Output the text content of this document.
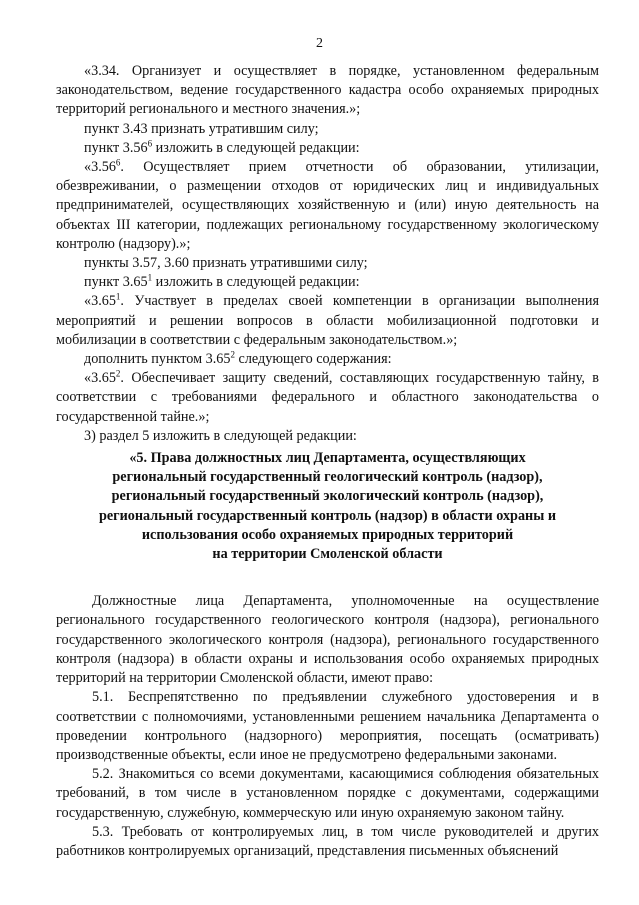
2

«3.34. Организует и осуществляет в порядке, установленном федеральным законодательством, ведение государственного кадастра особо охраняемых природных территорий регионального и местного значения.»;

пункт 3.43 признать утратившим силу;

пункт 3.56$^6$ изложить в следующей редакции:

«3.56$^6$. Осуществляет прием отчетности об образовании, утилизации, обезвреживании, о размещении отходов от юридических лиц и индивидуальных предпринимателей, осуществляющих хозяйственную и (или) иную деятельность на объектах III категории, подлежащих региональному государственному экологическому контролю (надзору).»;

пункты 3.57, 3.60 признать утратившими силу;

пункт 3.65$^1$ изложить в следующей редакции:

«3.65$^1$. Участвует в пределах своей компетенции в организации выполнения мероприятий и решении вопросов в области мобилизационной подготовки и мобилизации в соответствии с федеральным законодательством.»;

дополнить пунктом 3.65$^2$ следующего содержания:

«3.65$^2$. Обеспечивает защиту сведений, составляющих государственную тайну, в соответствии с требованиями федерального и областного законодательства о государственной тайне.»;

3) раздел 5 изложить в следующей редакции:

«5. Права должностных лиц Департамента, осуществляющих
региональный государственный геологический контроль (надзор),
региональный государственный экологический контроль (надзор),
региональный государственный контроль (надзор) в области охраны и
использования особо охраняемых природных территорий
на территории Смоленской области

Должностные лица Департамента, уполномоченные на осуществление регионального государственного геологического контроля (надзора), регионального государственного экологического контроля (надзора), регионального государственного контроля (надзора) в области охраны и использования особо охраняемых природных территорий на территории Смоленской области, имеют право:

5.1. Беспрепятственно по предъявлении служебного удостоверения и в соответствии с полномочиями, установленными решением начальника Департамента о проведении контрольного (надзорного) мероприятия, посещать (осматривать) производственные объекты, если иное не предусмотрено федеральными законами.

5.2. Знакомиться со всеми документами, касающимися соблюдения обязательных требований, в том числе в установленном порядке с документами, содержащими государственную, служебную, коммерческую или иную охраняемую законом тайну.

5.3. Требовать от контролируемых лиц, в том числе руководителей и других работников контролируемых организаций, представления письменных объяснений
